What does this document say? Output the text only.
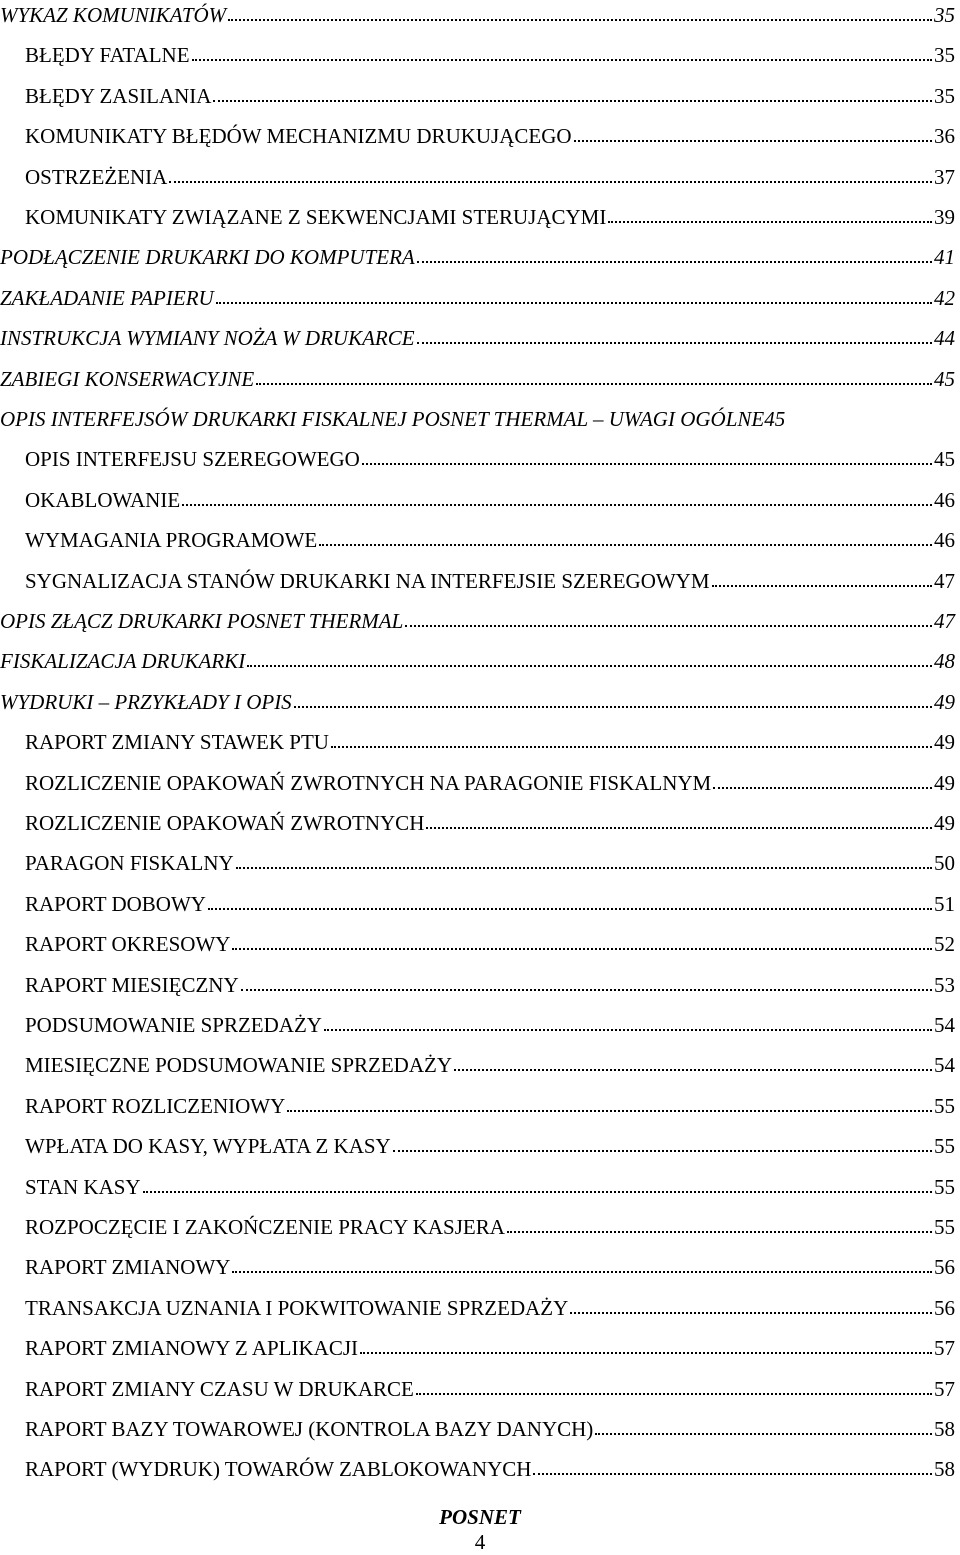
WYKAZ KOMUNIKATÓW	35
BŁĘDY FATALNE	35
BŁĘDY ZASILANIA	35
KOMUNIKATY BŁĘDÓW MECHANIZMU DRUKUJĄCEGO	36
OSTRZEŻENIA	37
KOMUNIKATY ZWIĄZANE Z SEKWENCJAMI STERUJĄCYMI	39
PODŁĄCZENIE DRUKARKI DO KOMPUTERA	41
ZAKŁADANIE PAPIERU	42
INSTRUKCJA WYMIANY NOŻA W DRUKARCE	44
ZABIEGI KONSERWACYJNE	45
OPIS INTERFEJSÓW DRUKARKI FISKALNEJ POSNET THERMAL – UWAGI OGÓLNE 45
OPIS INTERFEJSU SZEREGOWEGO	45
OKABLOWANIE	46
WYMAGANIA PROGRAMOWE	46
SYGNALIZACJA STANÓW DRUKARKI NA INTERFEJSIE SZEREGOWYM	47
OPIS ZŁĄCZ DRUKARKI POSNET THERMAL	47
FISKALIZACJA DRUKARKI	48
WYDRUKI – PRZYKŁADY I OPIS	49
RAPORT ZMIANY STAWEK PTU	49
ROZLICZENIE OPAKOWAŃ ZWROTNYCH NA PARAGONIE FISKALNYM	49
ROZLICZENIE OPAKOWAŃ ZWROTNYCH	49
PARAGON FISKALNY	50
RAPORT DOBOWY	51
RAPORT OKRESOWY	52
RAPORT MIESIĘCZNY	53
PODSUMOWANIE SPRZEDAŻY	54
MIESIĘCZNE PODSUMOWANIE SPRZEDAŻY	54
RAPORT ROZLICZENIOWY	55
WPŁATA DO KASY, WYPŁATA Z KASY	55
STAN KASY	55
ROZPOCZĘCIE I ZAKOŃCZENIE PRACY KASJERA	55
RAPORT ZMIANOWY	56
TRANSAKCJA UZNANIA I POKWITOWANIE SPRZEDAŻY	56
RAPORT ZMIANOWY Z APLIKACJI	57
RAPORT ZMIANY CZASU W DRUKARCE	57
RAPORT BAZY TOWAROWEJ (KONTROLA BAZY DANYCH)	58
RAPORT (WYDRUK) TOWARÓW ZABLOKOWANYCH	58
POSNET
4
